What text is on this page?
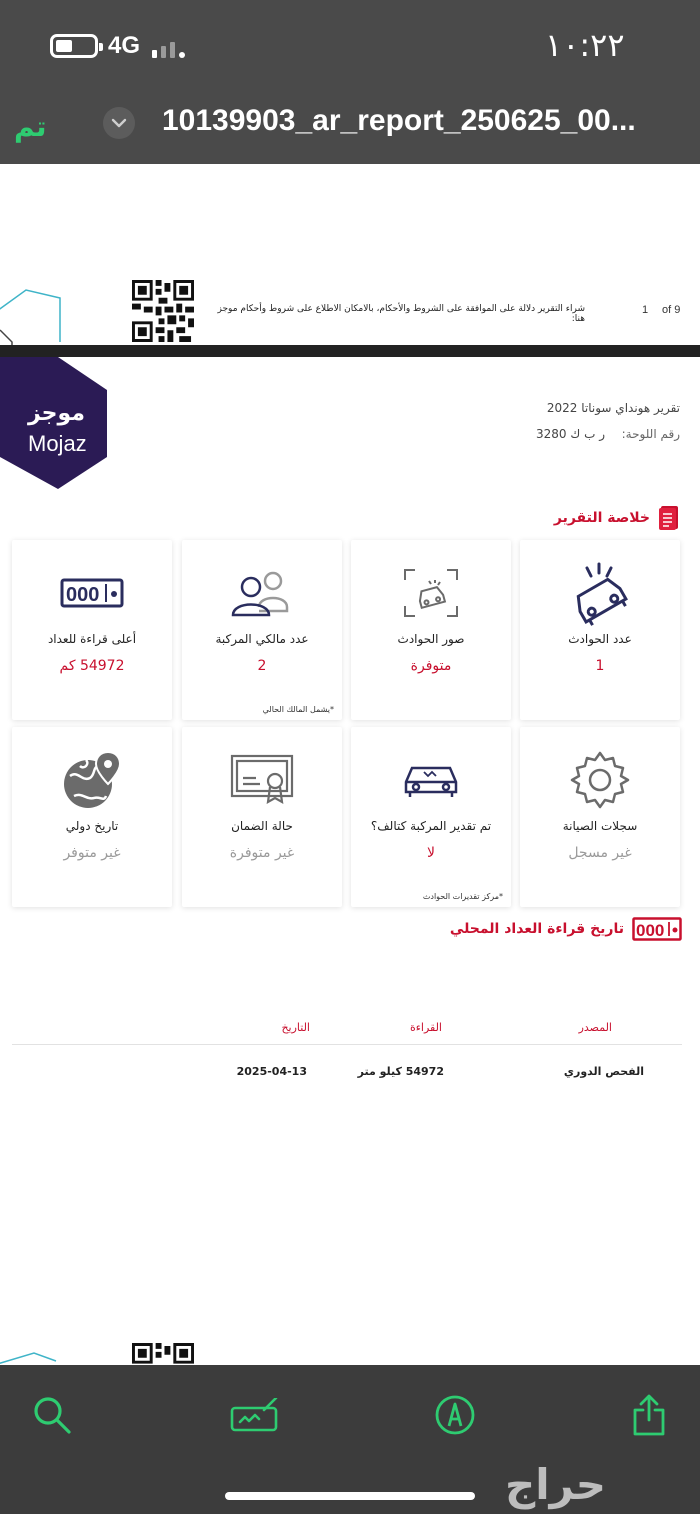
4G	١٠:٢٢
تم	10139903_ar_report_250625_00...
شراء التقرير دلالة على الموافقة على الشروط والأحكام، بالامكان الاطلاع على شروط وأحكام موجز هنا:
1 of 9
موجز
Mojaz
تقرير هونداي سوناتا 2022
رقم اللوحة:
ر ب ك 3280
خلاصة التقرير
عدد الحوادث
1
صور الحوادث
متوفرة
عدد مالكي المركبة
2
*يشمل المالك الحالي
000
أعلى قراءة للعداد
54972 كم
سجلات الصيانة
غير مسجل
تم تقدير المركبة كتالف؟
لا
*مركز تقديرات الحوادث
حالة الضمان
غير متوفرة
تاريخ دولي
غير متوفر
000
تاريخ قراءة العداد المحلي
المصدر
القراءة
التاريخ
الفحص الدوري
54972 كيلو متر
2025-04-13
حراج
